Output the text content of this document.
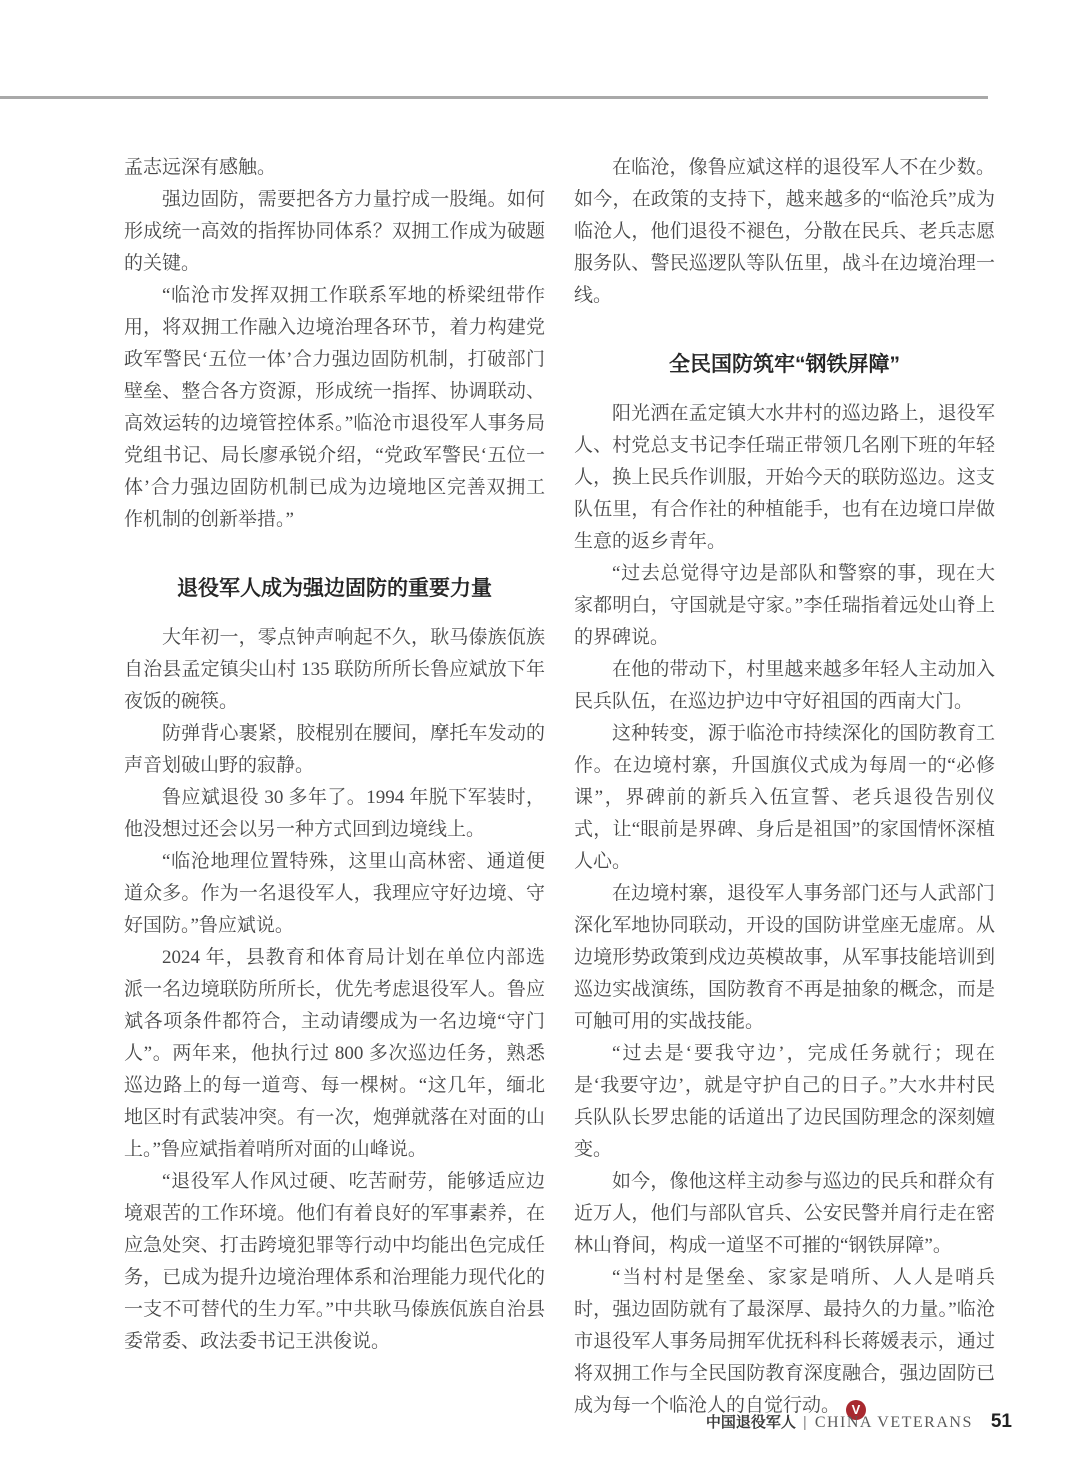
孟志远深有感触。

强边固防，需要把各方力量拧成一股绳。如何形成统一高效的指挥协同体系？双拥工作成为破题的关键。

“临沧市发挥双拥工作联系军地的桥梁纽带作用，将双拥工作融入边境治理各环节，着力构建党政军警民‘五位一体’合力强边固防机制，打破部门壁垒、整合各方资源，形成统一指挥、协调联动、高效运转的边境管控体系。”临沧市退役军人事务局党组书记、局长廖承锐介绍，“党政军警民‘五位一体’合力强边固防机制已成为边境地区完善双拥工作机制的创新举措。”

退役军人成为强边固防的重要力量

大年初一，零点钟声响起不久，耿马傣族佤族自治县孟定镇尖山村 135 联防所所长鲁应斌放下年夜饭的碗筷。

防弹背心裹紧，胶棍别在腰间，摩托车发动的声音划破山野的寂静。

鲁应斌退役 30 多年了。1994 年脱下军装时，他没想过还会以另一种方式回到边境线上。

“临沧地理位置特殊，这里山高林密、通道便道众多。作为一名退役军人，我理应守好边境、守好国防。”鲁应斌说。

2024 年，县教育和体育局计划在单位内部选派一名边境联防所所长，优先考虑退役军人。鲁应斌各项条件都符合，主动请缨成为一名边境“守门人”。两年来，他执行过 800 多次巡边任务，熟悉巡边路上的每一道弯、每一棵树。“这几年，缅北地区时有武装冲突。有一次，炮弹就落在对面的山上。”鲁应斌指着哨所对面的山峰说。

“退役军人作风过硬、吃苦耐劳，能够适应边境艰苦的工作环境。他们有着良好的军事素养，在应急处突、打击跨境犯罪等行动中均能出色完成任务，已成为提升边境治理体系和治理能力现代化的一支不可替代的生力军。”中共耿马傣族佤族自治县委常委、政法委书记王洪俊说。

在临沧，像鲁应斌这样的退役军人不在少数。如今，在政策的支持下，越来越多的“临沧兵”成为临沧人，他们退役不褪色，分散在民兵、老兵志愿服务队、警民巡逻队等队伍里，战斗在边境治理一线。

全民国防筑牢“钢铁屏障”

阳光洒在孟定镇大水井村的巡边路上，退役军人、村党总支书记李任瑞正带领几名刚下班的年轻人，换上民兵作训服，开始今天的联防巡边。这支队伍里，有合作社的种植能手，也有在边境口岸做生意的返乡青年。

“过去总觉得守边是部队和警察的事，现在大家都明白，守国就是守家。”李任瑞指着远处山脊上的界碑说。

在他的带动下，村里越来越多年轻人主动加入民兵队伍，在巡边护边中守好祖国的西南大门。

这种转变，源于临沧市持续深化的国防教育工作。在边境村寨，升国旗仪式成为每周一的“必修课”，界碑前的新兵入伍宣誓、老兵退役告别仪式，让“眼前是界碑、身后是祖国”的家国情怀深植人心。

在边境村寨，退役军人事务部门还与人武部门深化军地协同联动，开设的国防讲堂座无虚席。从边境形势政策到戍边英模故事，从军事技能培训到巡边实战演练，国防教育不再是抽象的概念，而是可触可用的实战技能。

“过去是‘要我守边’，完成任务就行；现在是‘我要守边’，就是守护自己的日子。”大水井村民兵队队长罗忠能的话道出了边民国防理念的深刻嬗变。

如今，像他这样主动参与巡边的民兵和群众有近万人，他们与部队官兵、公安民警并肩行走在密林山脊间，构成一道坚不可摧的“钢铁屏障”。

“当村村是堡垒、家家是哨所、人人是哨兵时，强边固防就有了最深厚、最持久的力量。”临沧市退役军人事务局拥军优抚科科长蒋媛表示，通过将双拥工作与全民国防教育深度融合，强边固防已成为每一个临沧人的自觉行动。 V

中国退役军人 | CHINA VETERANS 51
